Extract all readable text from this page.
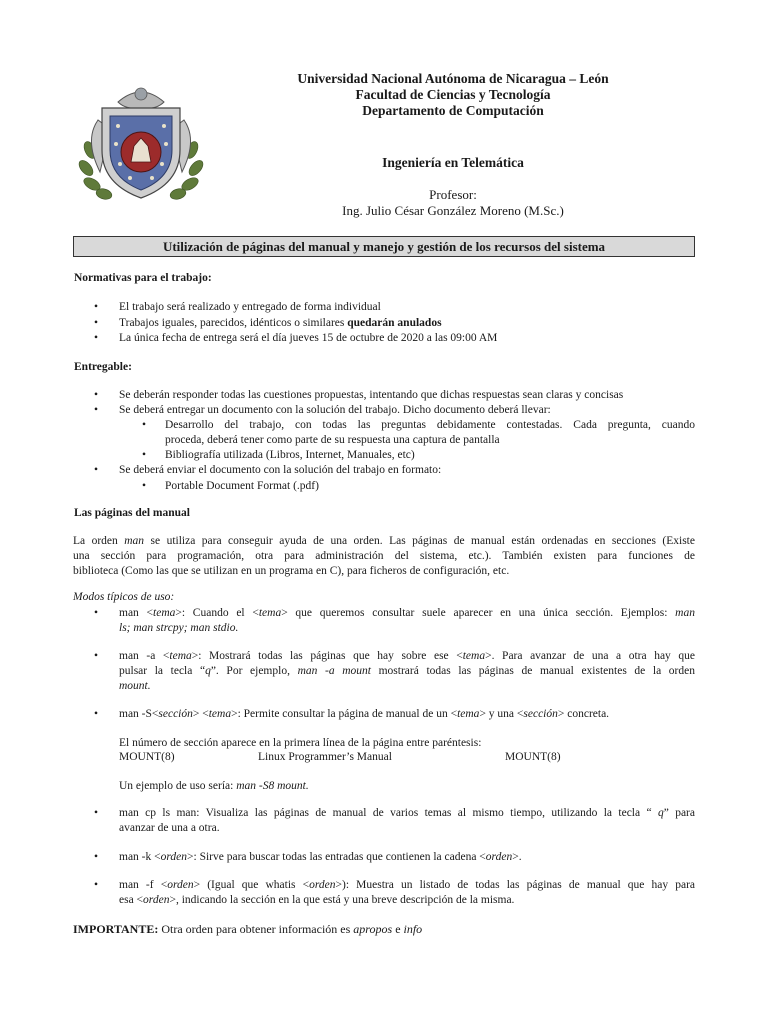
Universidad Nacional Autónoma de Nicaragua – León
Facultad de Ciencias y Tecnología
Departamento de Computación
Ingeniería en Telemática
Profesor:
Ing. Julio César González Moreno (M.Sc.)
Utilización de páginas del manual y manejo y gestión de los recursos del sistema
Normativas para el trabajo:
• El trabajo será realizado y entregado de forma individual
• Trabajos iguales, parecidos, idénticos o similares quedarán anulados
• La única fecha de entrega será el día jueves 15 de octubre de 2020 a las 09:00 AM
Entregable:
• Se deberán responder todas las cuestiones propuestas, intentando que dichas respuestas sean claras y concisas
• Se deberá entregar un documento con la solución del trabajo. Dicho documento deberá llevar:
• Desarrollo del trabajo, con todas las preguntas debidamente contestadas. Cada pregunta, cuando
proceda, deberá tener como parte de su respuesta una captura de pantalla
• Bibliografía utilizada (Libros, Internet, Manuales, etc)
• Se deberá enviar el documento con la solución del trabajo en formato:
• Portable Document Format (.pdf)
Las páginas del manual
La orden man se utiliza para conseguir ayuda de una orden. Las páginas de manual están ordenadas en secciones (Existe
una sección para programación, otra para administración del sistema, etc.). También existen para funciones de
biblioteca (Como las que se utilizan en un programa en C), para ficheros de configuración, etc.
Modos típicos de uso:
• man <tema>: Cuando el <tema> que queremos consultar suele aparecer en una única sección. Ejemplos: man
ls; man strcpy; man stdio.
• man -a <tema>: Mostrará todas las páginas que hay sobre ese <tema>. Para avanzar de una a otra hay que
pulsar la tecla “q”. Por ejemplo, man -a mount mostrará todas las páginas de manual existentes de la orden
mount.
• man -S<sección> <tema>: Permite consultar la página de manual de un <tema> y una <sección> concreta.
El número de sección aparece en la primera línea de la página entre paréntesis:
MOUNT(8)	Linux Programmer’s Manual	MOUNT(8)
Un ejemplo de uso sería: man -S8 mount.
• man cp ls man: Visualiza las páginas de manual de varios temas al mismo tiempo, utilizando la tecla “ q” para
avanzar de una a otra.
• man -k <orden>: Sirve para buscar todas las entradas que contienen la cadena <orden>.
• man -f <orden> (Igual que whatis <orden>): Muestra un listado de todas las páginas de manual que hay para
esa <orden>, indicando la sección en la que está y una breve descripción de la misma.
IMPORTANTE: Otra orden para obtener información es apropos e info
